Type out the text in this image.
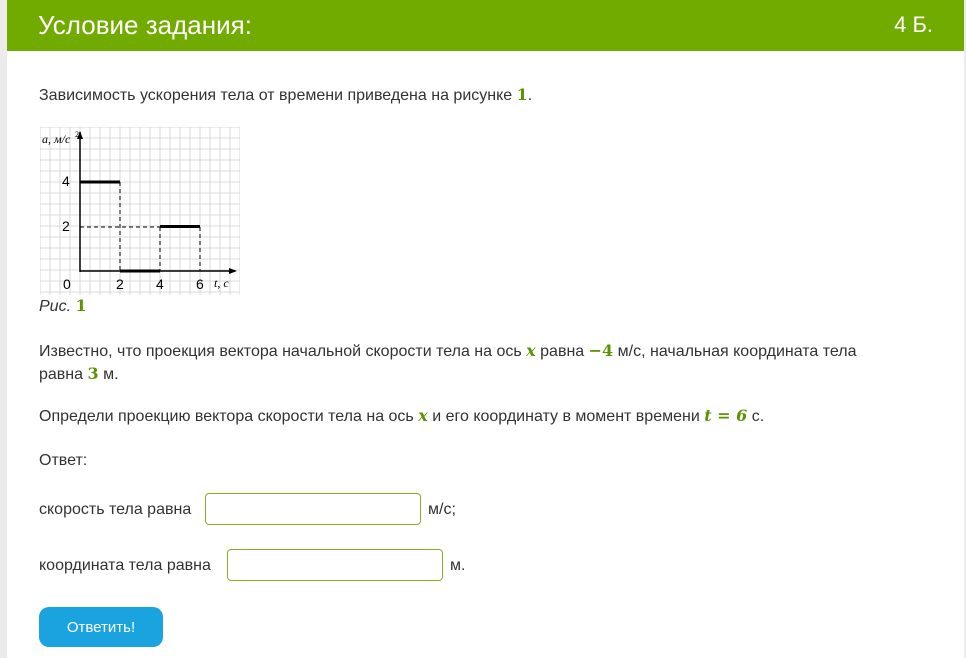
Условие задания:	4 Б.
Зависимость ускорения тела от времени приведена на рисунке 1.
a, м/с 2
t, с
4
2
0	2 4 6
Рис. 1
Известно, что проекция вектора начальной скорости тела на ось x равна −4 м/с, начальная координата тела
равна 3 м.
Определи проекцию вектора скорости тела на ось x и его координату в момент времени t = 6 с.
Ответ:
скорость тела равна	м/с;
координата тела равна	м.
Ответить!
